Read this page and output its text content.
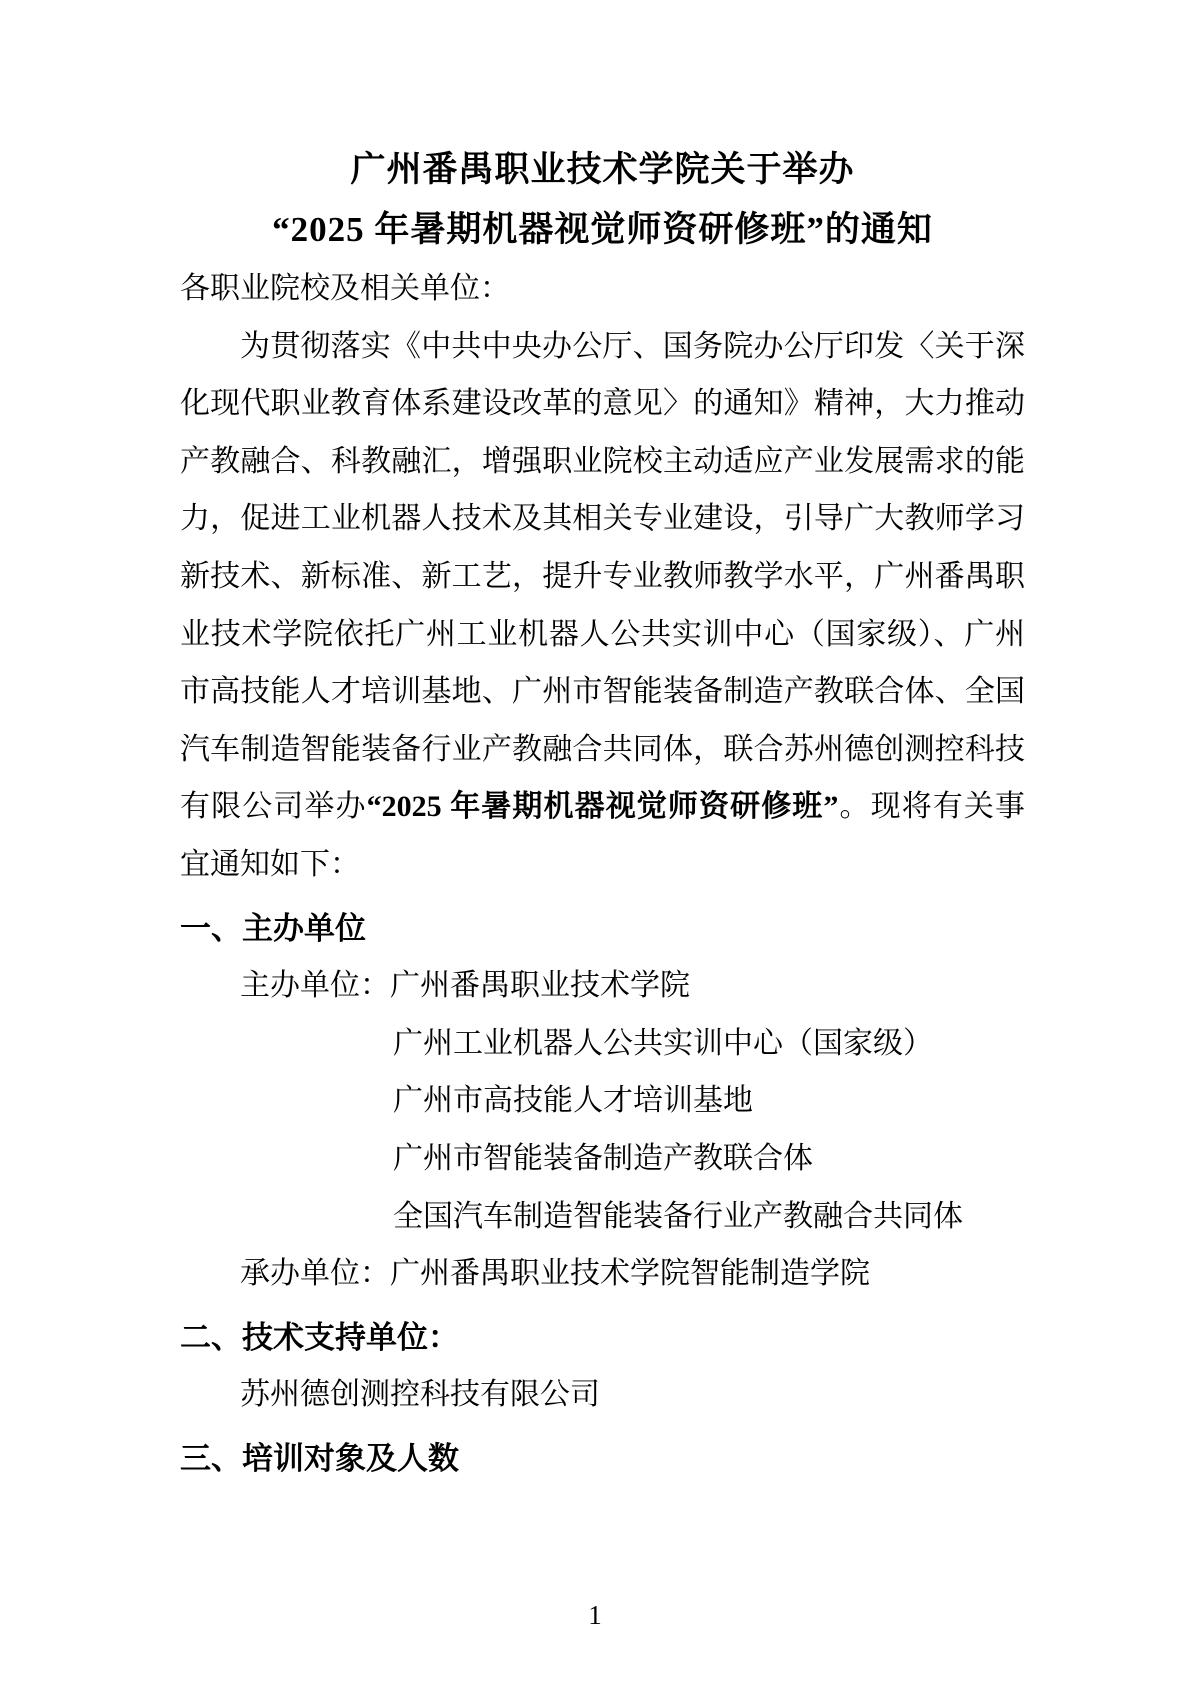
广州番禺职业技术学院关于举办
“2025 年暑期机器视觉师资研修班”的通知

各职业院校及相关单位：

为贯彻落实《中共中央办公厅、国务院办公厅印发〈关于深化现代职业教育体系建设改革的意见〉的通知》精神，大力推动产教融合、科教融汇，增强职业院校主动适应产业发展需求的能力，促进工业机器人技术及其相关专业建设，引导广大教师学习新技术、新标准、新工艺，提升专业教师教学水平，广州番禺职业技术学院依托广州工业机器人公共实训中心（国家级）、广州市高技能人才培训基地、广州市智能装备制造产教联合体、全国汽车制造智能装备行业产教融合共同体，联合苏州德创测控科技有限公司举办“2025 年暑期机器视觉师资研修班”。现将有关事宜通知如下：

一、主办单位

主办单位：广州番禺职业技术学院

广州工业机器人公共实训中心（国家级）

广州市高技能人才培训基地

广州市智能装备制造产教联合体

全国汽车制造智能装备行业产教融合共同体

承办单位：广州番禺职业技术学院智能制造学院

二、技术支持单位：

苏州德创测控科技有限公司

三、培训对象及人数
1
